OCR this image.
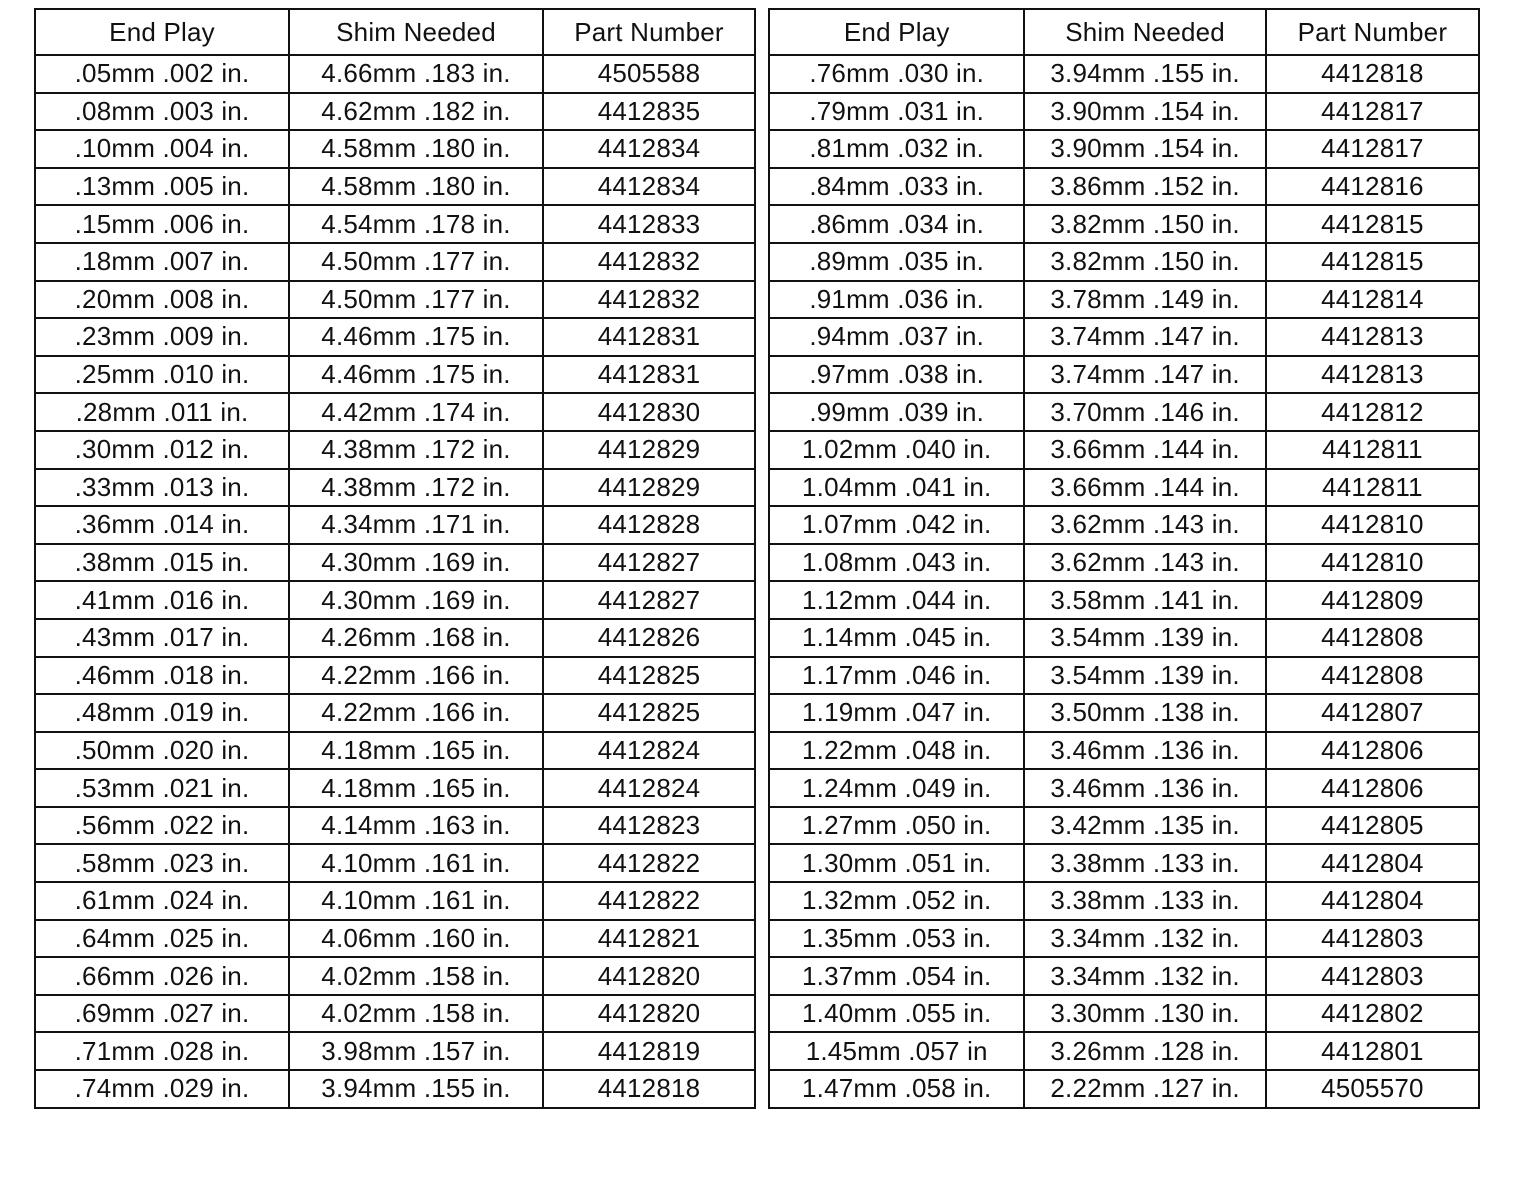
End Play	Shim Needed	Part Number
.05mm .002 in.	4.66mm .183 in.	4505588
.08mm .003 in.	4.62mm .182 in.	4412835
.10mm .004 in.	4.58mm .180 in.	4412834
.13mm .005 in.	4.58mm .180 in.	4412834
.15mm .006 in.	4.54mm .178 in.	4412833
.18mm .007 in.	4.50mm .177 in.	4412832
.20mm .008 in.	4.50mm .177 in.	4412832
.23mm .009 in.	4.46mm .175 in.	4412831
.25mm .010 in.	4.46mm .175 in.	4412831
.28mm .011 in.	4.42mm .174 in.	4412830
.30mm .012 in.	4.38mm .172 in.	4412829
.33mm .013 in.	4.38mm .172 in.	4412829
.36mm .014 in.	4.34mm .171 in.	4412828
.38mm .015 in.	4.30mm .169 in.	4412827
.41mm .016 in.	4.30mm .169 in.	4412827
.43mm .017 in.	4.26mm .168 in.	4412826
.46mm .018 in.	4.22mm .166 in.	4412825
.48mm .019 in.	4.22mm .166 in.	4412825
.50mm .020 in.	4.18mm .165 in.	4412824
.53mm .021 in.	4.18mm .165 in.	4412824
.56mm .022 in.	4.14mm .163 in.	4412823
.58mm .023 in.	4.10mm .161 in.	4412822
.61mm .024 in.	4.10mm .161 in.	4412822
.64mm .025 in.	4.06mm .160 in.	4412821
.66mm .026 in.	4.02mm .158 in.	4412820
.69mm .027 in.	4.02mm .158 in.	4412820
.71mm .028 in.	3.98mm .157 in.	4412819
.74mm .029 in.	3.94mm .155 in.	4412818
End Play	Shim Needed	Part Number
.76mm .030 in.	3.94mm .155 in.	4412818
.79mm .031 in.	3.90mm .154 in.	4412817
.81mm .032 in.	3.90mm .154 in.	4412817
.84mm .033 in.	3.86mm .152 in.	4412816
.86mm .034 in.	3.82mm .150 in.	4412815
.89mm .035 in.	3.82mm .150 in.	4412815
.91mm .036 in.	3.78mm .149 in.	4412814
.94mm .037 in.	3.74mm .147 in.	4412813
.97mm .038 in.	3.74mm .147 in.	4412813
.99mm .039 in.	3.70mm .146 in.	4412812
1.02mm .040 in.	3.66mm .144 in.	4412811
1.04mm .041 in.	3.66mm .144 in.	4412811
1.07mm .042 in.	3.62mm .143 in.	4412810
1.08mm .043 in.	3.62mm .143 in.	4412810
1.12mm .044 in.	3.58mm .141 in.	4412809
1.14mm .045 in.	3.54mm .139 in.	4412808
1.17mm .046 in.	3.54mm .139 in.	4412808
1.19mm .047 in.	3.50mm .138 in.	4412807
1.22mm .048 in.	3.46mm .136 in.	4412806
1.24mm .049 in.	3.46mm .136 in.	4412806
1.27mm .050 in.	3.42mm .135 in.	4412805
1.30mm .051 in.	3.38mm .133 in.	4412804
1.32mm .052 in.	3.38mm .133 in.	4412804
1.35mm .053 in.	3.34mm .132 in.	4412803
1.37mm .054 in.	3.34mm .132 in.	4412803
1.40mm .055 in.	3.30mm .130 in.	4412802
1.45mm .057 in	3.26mm .128 in.	4412801
1.47mm .058 in.	2.22mm .127 in.	4505570
